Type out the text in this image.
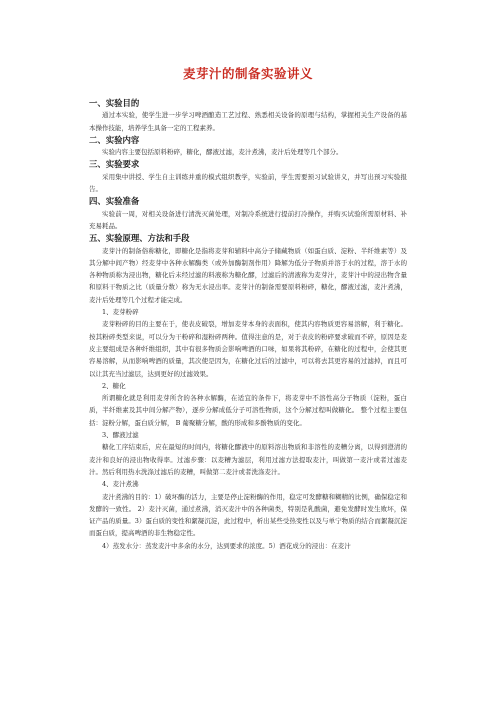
麦芽汁的制备实验讲义

一、实验目的

通过本实验，使学生进一步学习啤酒酿造工艺过程、熟悉相关设备的原理与结构，掌握相关生产设备的基本操作技能，培养学生具备一定的工程素养。

二、实验内容

实验内容主要包括原料粉碎，糖化，醪液过滤，麦汁煮沸，麦汁后处理等几个部分。

三、实验要求

采用集中讲授、学生自主训练并重的模式组织教学，实验前，学生需要预习试验讲义，并写出预习实验报告。

四、实验准备

实验前一周，对相关设备进行清洗灭菌处理，对制冷系统进行提前打冷操作，并购买试验所需原材料、补充易耗品。

五、实验原理、方法和手段

麦芽汁的制备俗称糖化，即糖化是指将麦芽和辅料中高分子储藏物质（如蛋白质、淀粉、半纤维素等）及其分解中间产物）经麦芽中各种水解酶类（或外加酶制剂作用）降解为低分子物质并溶于水的过程，溶于水的各种物质称为浸出物，糖化后未经过滤的料液称为糖化醪，过滤后的清液称为麦芽汁，麦芽汁中的浸出物含量和原料干物质之比（质量分数）称为无水浸出率。麦芽汁的制备需要原料粉碎，糖化，醪液过滤，麦汁煮沸，麦汁后处理等几个过程才能完成。

1、麦芽粉碎

麦芽粉碎的目的主要在于，使表皮破裂，增加麦芽本身的表面积，使其内容物质更容易溶解，利于糖化。按其粉碎类型来说，可以分为干粉碎和湿粉碎两种。值得注意的是，对于表皮的粉碎要求破而不碎，原因是麦皮主要组成是各种纤维组织，其中有很多物质会影响啤酒的口味，如果将其粉碎，在糖化的过程中，会使其更容易溶解，从而影响啤酒的质量，其次使是因为，在糖化过后的过滤中，可以将去其更容易的过滤掉，而且可以让其充当过滤层，达到更好的过滤效果。

2、糖化

所谓糖化就是利用麦芽所含的各种水解酶，在适宜的条件下，将麦芽中不溶性高分子物质（淀粉，蛋白质，半纤维素及其中间分解产物），逐步分解成低分子可溶性物质，这个分解过程叫做糖化。 整个过程主要包括：淀粉分解，蛋白质分解， B 葡聚糖分解，酸的形成和多酚物质的变化。

3、醪液过滤

糖化工序结束后，应在最短的时间内，将糖化醪液中的原料溶出物质和非溶性的麦糟分离，以得到澄清的麦汁和良好的浸出物收得率。过滤步骤：以麦糟为滤层，利用过滤方法提取麦汁，叫做第一麦汁或者过滤麦汁。然后利用热水洗涤过滤后的麦糟，叫做第二麦汁或者洗涤麦汁。

4、麦汁煮沸

麦汁煮沸的目的：1）破坏酶的活力，主要是停止淀粉酶的作用，稳定可发酵糖和糊精的比例，确保稳定和发酵的一致性。 2）麦汁灭菌，通过煮沸，消灭麦汁中的各种菌类，特别是乳酸菌，避免发酵时发生败坏，保证产品的质量。3）蛋白质的变性和絮凝沉淀，此过程中，析出某些受热变性以及与单宁物质的结合而絮凝沉淀而蛋白质，提高啤酒的非生物稳定性。

4）蒸发水分：蒸发麦汁中多余的水分，达到要求的浓度。5）酒花成分的浸出：在麦汁
